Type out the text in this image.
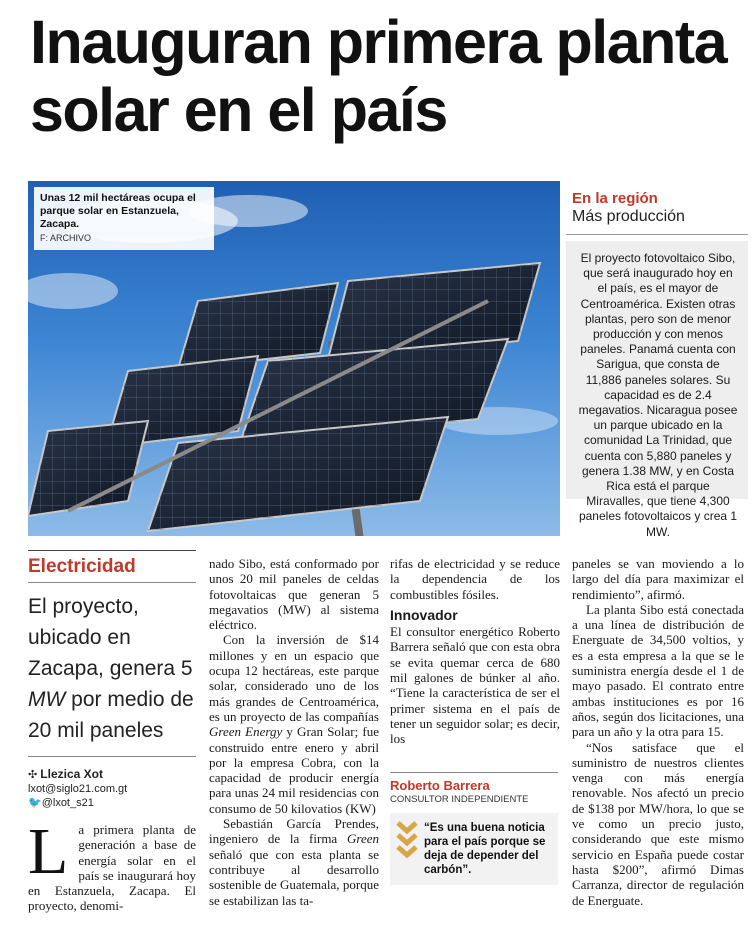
Inauguran primera planta solar en el país
Unas 12 mil hectáreas ocupa el parque solar en Estanzuela, Zacapa.
F: ARCHIVO
En la región
Más producción
El proyecto fotovoltaico Sibo, que será inaugurado hoy en el país, es el mayor de Centroamérica. Existen otras plantas, pero son de menor producción y con menos paneles. Panamá cuenta con Sarigua, que consta de 11,886 paneles solares. Su capacidad es de 2.4 megavatios. Nicaragua posee un parque ubicado en la comunidad La Trinidad, que cuenta con 5,880 paneles y genera 1.38 MW, y en Costa Rica está el parque Miravalles, que tiene 4,300 paneles fotovoltaicos y crea 1 MW.
Electricidad
El proyecto, ubicado en Zacapa, genera 5 MW por medio de 20 mil paneles
✣ Llezica Xot
lxot@siglo21.com.gt
🐦@lxot_s21
La primera planta de generación a base de energía solar en el país se inaugurará hoy en Estanzuela, Zacapa. El proyecto, denomi-

nado Sibo, está conformado por unos 20 mil paneles de celdas fotovoltaicas que generan 5 megavatios (MW) al sistema eléctrico.

Con la inversión de $14 millones y en un espacio que ocupa 12 hectáreas, este parque solar, considerado uno de los más grandes de Centroamérica, es un proyecto de las compañías Green Energy y Gran Solar; fue construido entre enero y abril por la empresa Cobra, con la capacidad de producir energía para unas 24 mil residencias con consumo de 50 kilovatios (KW)

Sebastián García Prendes, ingeniero de la firma Green señaló que con esta planta se contribuye al desarrollo sostenible de Guatemala, porque se estabilizan las ta-

rifas de electricidad y se reduce la dependencia de los combustibles fósiles.

Innovador

El consultor energético Roberto Barrera señaló que con esta obra se evita quemar cerca de 680 mil galones de búnker al año. “Tiene la característica de ser el primer sistema en el país de tener un seguidor solar; es decir, los

Roberto Barrera
CONSULTOR INDEPENDIENTE
“Es una buena noticia para el país porque se deja de depender del carbón”.

paneles se van moviendo a lo largo del día para maximizar el rendimiento”, afirmó.

La planta Sibo está conectada a una línea de distribución de Energuate de 34,500 voltios, y es a esta empresa a la que se le suministra energía desde el 1 de mayo pasado. El contrato entre ambas instituciones es por 16 años, según dos licitaciones, una para un año y la otra para 15.

“Nos satisface que el suministro de nuestros clientes venga con más energía renovable. Nos afectó un precio de $138 por MW/hora, lo que se ve como un precio justo, considerando que este mismo servicio en España puede costar hasta $200”, afirmó Dimas Carranza, director de regulación de Energuate.
